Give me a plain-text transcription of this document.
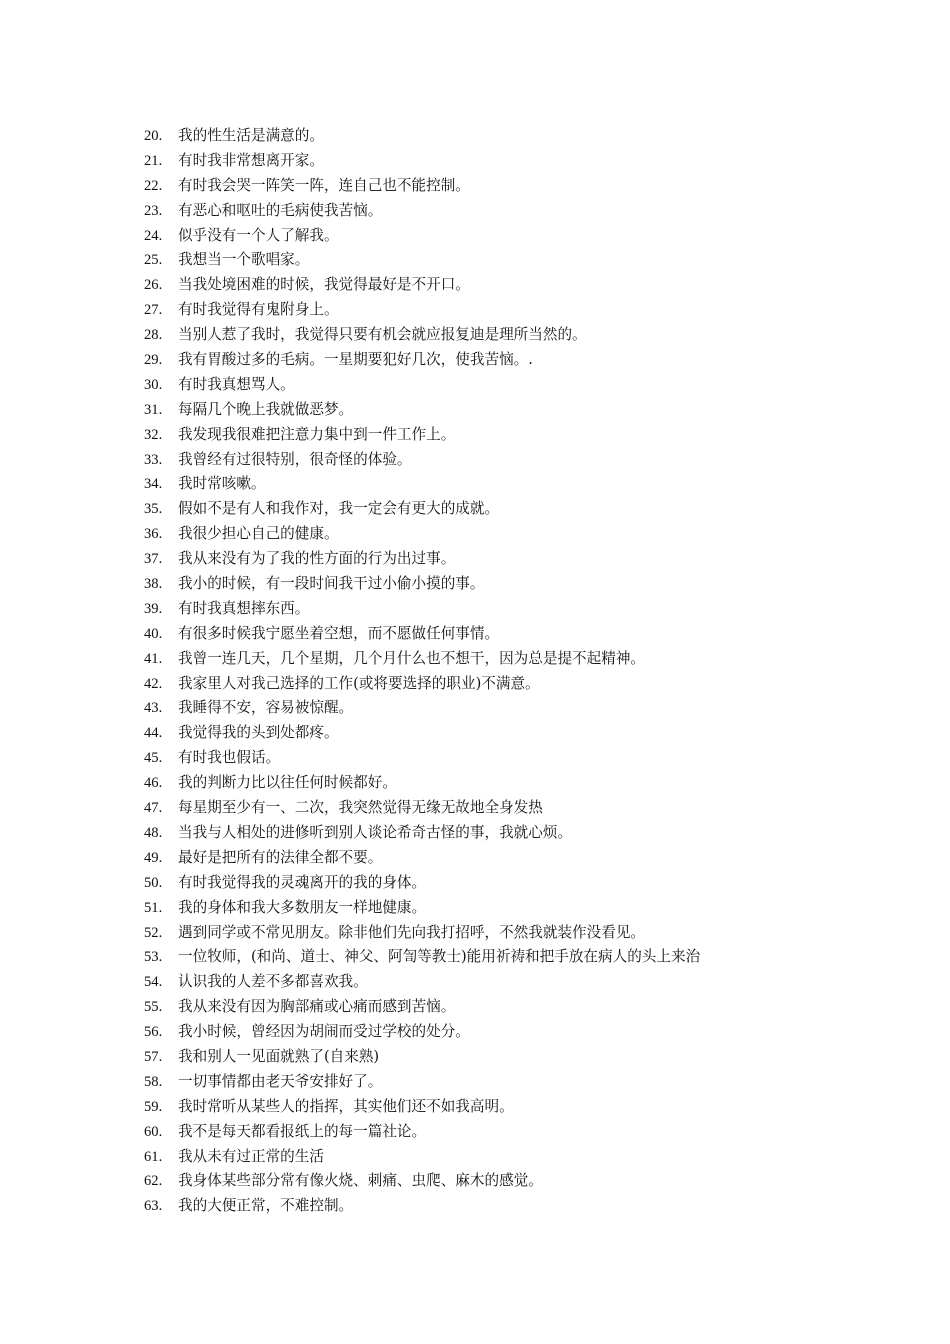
20.	我的性生活是满意的。
21.	有时我非常想离开家。
22.	有时我会哭一阵笑一阵，连自己也不能控制。
23.	有恶心和呕吐的毛病使我苦恼。
24.	似乎没有一个人了解我。
25.	我想当一个歌唱家。
26.	当我处境困难的时候，我觉得最好是不开口。
27.	有时我觉得有鬼附身上。
28.	当别人惹了我时，我觉得只要有机会就应报复迪是理所当然的。
29.	我有胃酸过多的毛病。一星期要犯好几次，使我苦恼。.
30.	有时我真想骂人。
31.	每隔几个晚上我就做恶梦。
32.	我发现我很难把注意力集中到一件工作上。
33.	我曾经有过很特别，很奇怪的体验。
34.	我时常咳嗽。
35.	假如不是有人和我作对，我一定会有更大的成就。
36.	我很少担心自己的健康。
37.	我从来没有为了我的性方面的行为出过事。
38.	我小的时候，有一段时间我干过小偷小摸的事。
39.	有时我真想摔东西。
40.	有很多时候我宁愿坐着空想，而不愿做任何事情。
41.	我曾一连几天，几个星期，几个月什么也不想干，因为总是提不起精神。
42.	我家里人对我己选择的工作(或将要选择的职业)不满意。
43.	我睡得不安，容易被惊醒。
44.	我觉得我的头到处都疼。
45.	有时我也假话。
46.	我的判断力比以往任何时候都好。
47.	每星期至少有一、二次，我突然觉得无缘无故地全身发热
48.	当我与人相处的进修听到别人谈论希奇古怪的事，我就心烦。
49.	最好是把所有的法律全都不要。
50.	有时我觉得我的灵魂离开的我的身体。
51.	我的身体和我大多数朋友一样地健康。
52.	遇到同学或不常见朋友。除非他们先向我打招呼，不然我就装作没看见。
53.	一位牧师，(和尚、道士、神父、阿訇等教士)能用祈祷和把手放在病人的头上来治
54.	认识我的人差不多都喜欢我。
55.	我从来没有因为胸部痛或心痛而感到苦恼。
56.	我小时候，曾经因为胡闹而受过学校的处分。
57.	我和别人一见面就熟了(自来熟)
58.	一切事情都由老天爷安排好了。
59.	我时常听从某些人的指挥，其实他们还不如我高明。
60.	我不是每天都看报纸上的每一篇社论。
61.	我从未有过正常的生活
62.	我身体某些部分常有像火烧、刺痛、虫爬、麻木的感觉。
63.	我的大便正常，不难控制。
